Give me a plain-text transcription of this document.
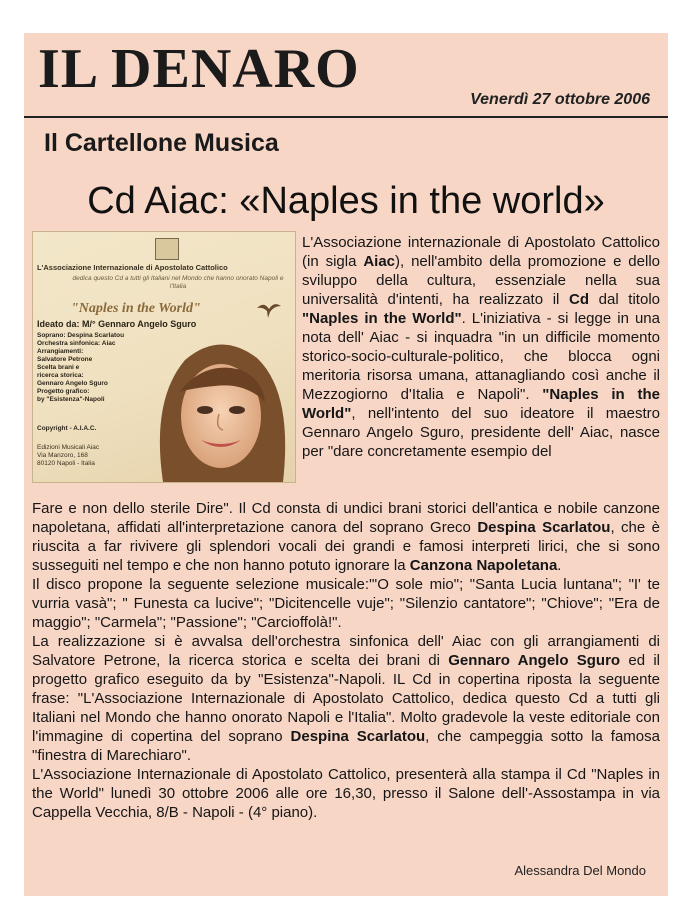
IL DENARO	Venerdì 27 ottobre 2006
Il Cartellone Musica
Cd Aiac: «Naples in the world»
L'Associazione Internazionale di Apostolato Cattolico
dedica questo Cd a tutti gli Italiani nel Mondo che hanno onorato Napoli e l'Italia
"Naples in the World"
Ideato da: M/° Gennaro Angelo Sguro
Soprano: Despina Scarlatou
Orchestra sinfonica: Aiac
Arrangiamenti:
Salvatore Petrone
Scelta brani e
ricerca storica:
Gennaro Angelo Sguro
Progetto grafico:
by "Esistenza"-Napoli
Copyright - A.I.A.C.
Edizioni Musicali Aiac
Via Manzoro, 168
80120 Napoli - Italia

L'Associazione internazionale di Apostolato Cattolico (in sigla Aiac), nell'ambito della promozione e dello sviluppo della cultura, essenziale nella sua universalità d'intenti, ha realizzato il Cd dal titolo "Naples in the World". L'iniziativa - si legge in una nota dell' Aiac - si inquadra "in un difficile momento storico-socio-culturale-politico, che blocca ogni meritoria risorsa umana, attanagliando così anche il Mezzogiorno d'Italia e Napoli". "Naples in the World", nell'intento del suo ideatore il maestro Gennaro Angelo Sguro, presidente dell' Aiac, nasce per "dare concretamente esempio del

Fare e non dello sterile Dire". Il Cd consta di undici brani storici dell'antica e nobile canzone napoletana, affidati all'interpretazione canora del soprano Greco Despina Scarlatou, che è riuscita a far rivivere gli splendori vocali dei grandi e famosi interpreti lirici, che si sono susseguiti nel tempo e che non hanno potuto ignorare la Canzona Napoletana.

Il disco propone la seguente selezione musicale:"'O sole mio"; "Santa Lucia luntana"; "I' te vurria vasà"; " Funesta ca lucive"; "Dicitencelle vuje"; "Silenzio cantatore"; "Chiove"; "Era de maggio"; "Carmela"; "Passione"; "Carcioffolà!".

La realizzazione si è avvalsa dell'orchestra sinfonica dell' Aiac con gli arrangiamenti di Salvatore Petrone, la ricerca storica e scelta dei brani di Gennaro Angelo Sguro ed il progetto grafico eseguito da by "Esistenza"-Napoli. IL Cd in copertina riposta la seguente frase: "L'Associazione Internazionale di Apostolato Cattolico, dedica questo Cd a tutti gli Italiani nel Mondo che hanno onorato Napoli e l'Italia". Molto gradevole la veste editoriale con l'immagine di copertina del soprano Despina Scarlatou, che campeggia sotto la famosa "finestra di Marechiaro".

L'Associazione Internazionale di Apostolato Cattolico, presenterà alla stampa il Cd "Naples in the World" lunedì 30 ottobre 2006 alle ore 16,30, presso il Salone dell'-Assostampa in via Cappella Vecchia, 8/B - Napoli - (4° piano).

Alessandra Del Mondo
